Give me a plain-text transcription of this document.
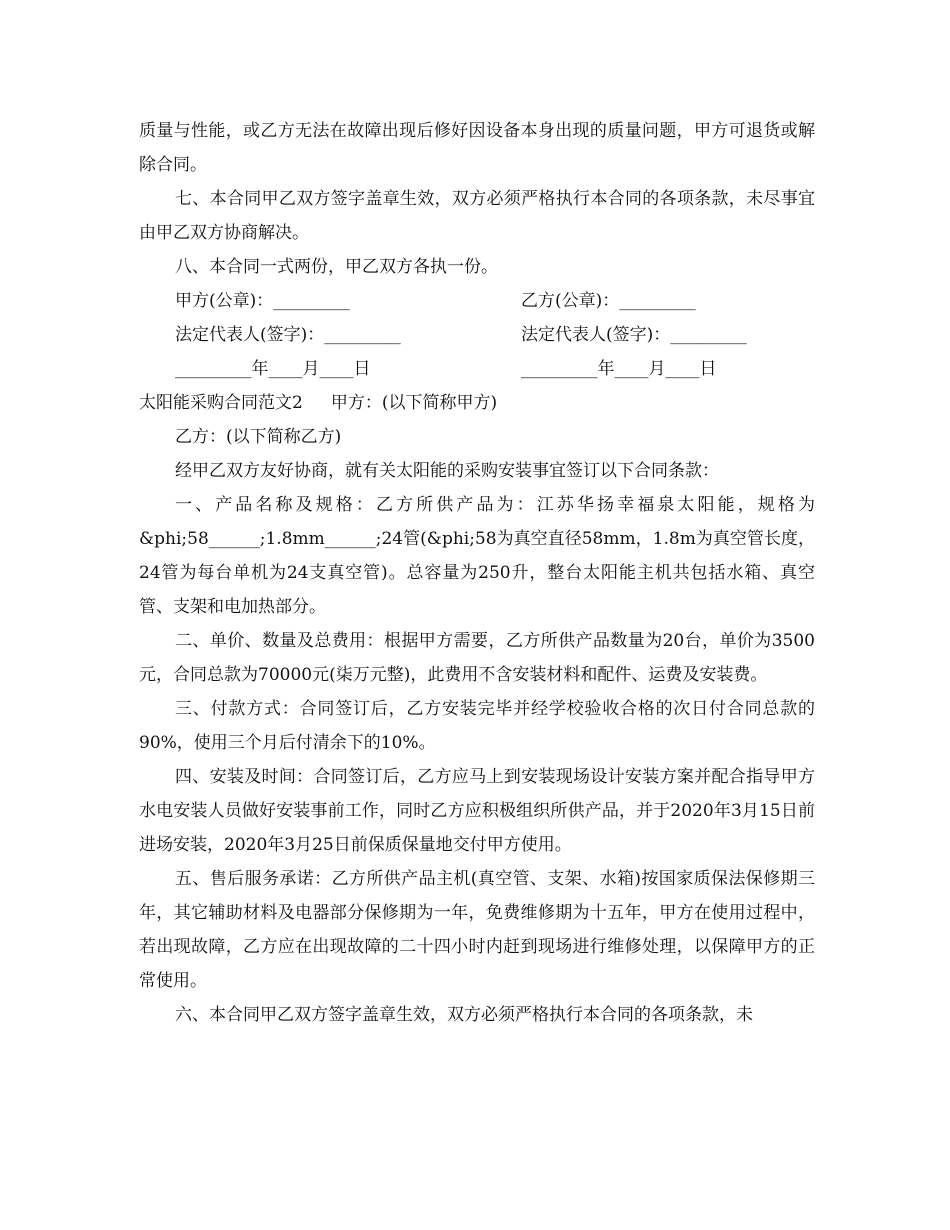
质量与性能，或乙方无法在故障出现后修好因设备本身出现的质量问题，甲方可退货或解除合同。

七、本合同甲乙双方签字盖章生效，双方必须严格执行本合同的各项条款，未尽事宜由甲乙双方协商解决。

八、本合同一式两份，甲乙双方各执一份。

甲方(公章)：_________	乙方(公章)：_________
法定代表人(签字)：_________	法定代表人(签字)：_________
_________年____月____日	_________年____月____日
太阳能采购合同范文2 甲方：(以下简称甲方)

乙方：(以下简称乙方)

经甲乙双方友好协商，就有关太阳能的采购安装事宜签订以下合同条款：

一、产品名称及规格：乙方所供产品为：江苏华扬幸福泉太阳能，规格为&phi;58______;1.8mm______;24管(&phi;58为真空直径58mm，1.8m为真空管长度，24管为每台单机为24支真空管)。总容量为250升，整台太阳能主机共包括水箱、真空管、支架和电加热部分。

二、单价、数量及总费用：根据甲方需要，乙方所供产品数量为20台，单价为3500元，合同总款为70000元(柒万元整)，此费用不含安装材料和配件、运费及安装费。

三、付款方式：合同签订后，乙方安装完毕并经学校验收合格的次日付合同总款的90%，使用三个月后付清余下的10%。

四、安装及时间：合同签订后，乙方应马上到安装现场设计安装方案并配合指导甲方水电安装人员做好安装事前工作，同时乙方应积极组织所供产品，并于2020年3月15日前进场安装，2020年3月25日前保质保量地交付甲方使用。

五、售后服务承诺：乙方所供产品主机(真空管、支架、水箱)按国家质保法保修期三年，其它辅助材料及电器部分保修期为一年，免费维修期为十五年，甲方在使用过程中，若出现故障，乙方应在出现故障的二十四小时内赶到现场进行维修处理，以保障甲方的正常使用。

六、本合同甲乙双方签字盖章生效，双方必须严格执行本合同的各项条款，未
